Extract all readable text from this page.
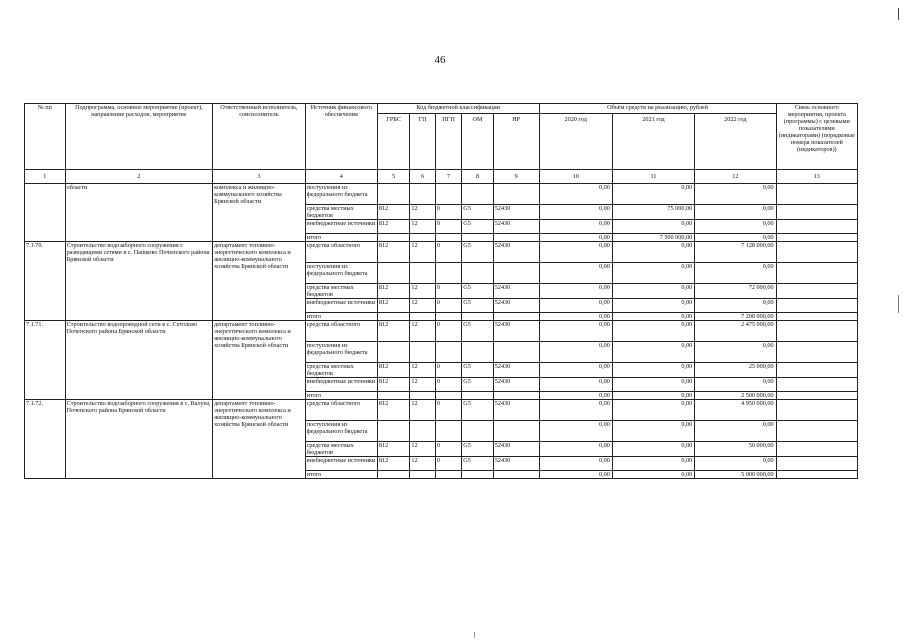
46
№ пп	Подпрограмма, основное мероприятие (проект), направление расходов, мероприятие	Ответственный исполнитель, соисполнитель	Источник финансового обеспечения	Код бюджетной классификации					Объём средств на реализацию, рублей			Связь основного мероприятия, проекта (программы) с целевыми показателями (индикаторами) (порядковые номера показателей (индикаторов))
				ГРБС	ГП	ПГП	ОМ	НР	2020 год	2021 год	2022 год	
1	2	3	4	5	6	7	8	9	10	11	12	13
	области	комплекса и жилищно-коммунального хозяйства Брянской области	поступления из федерального бюджета						0,00	0,00	0,00	
			средства местных бюджетов	812	12	0	G5	52430	0,00	75 000,00	0,00	
			внебюджетные источники	812	12	0	G5	52430	0,00	0,00	0,00	
			итого						0,00	7 500 000,00	0,00	
7.1.70.	Строительство водозаборного сооружения с разводящими сетями в с. Пашково Почепского района Брянской области	департамент топливно-энергетического комплекса и жилищно-коммунального хозяйства Брянской области	средства областного	812	12	0	G5	52430	0,00	0,00	7 128 000,00	
			поступления из федерального бюджета						0,00	0,00	0,00	
			средства местных бюджетов	812	12	0	G5	52430	0,00	0,00	72 000,00	
			внебюджетные источники	812	12	0	G5	52430	0,00	0,00	0,00	
			итого						0,00	0,00	7 200 000,00	
7.1.71.	Строительство водопроводной сети в с. Сетолово Почепского района Брянской области	департамент топливно-энергетического комплекса и жилищно-коммунального хозяйства Брянской области	средства областного	812	12	0	G5	52430	0,00	0,00	2 475 000,00	
			поступления из федерального бюджета						0,00	0,00	0,00	
			средства местных бюджетов	812	12	0	G5	52430	0,00	0,00	25 000,00	
			внебюджетные источники	812	12	0	G5	52430	0,00	0,00	0,00	
			итого						0,00	0,00	2 500 000,00	
7.1.72.	Строительство водозаборного сооружения в с. Валуец Почепского района Брянской области	департамент топливно-энергетического комплекса и жилищно-коммунального хозяйства Брянской области	средства областного	812	12	0	G5	52430	0,00	0,00	4 950 000,00	
			поступления из федерального бюджета						0,00	0,00	0,00	
			средства местных бюджетов	812	12	0	G5	52430	0,00	0,00	50 000,00	
			внебюджетные источники	812	12	0	G5	52430	0,00	0,00	0,00	
			итого						0,00	0,00	5 000 000,00	
